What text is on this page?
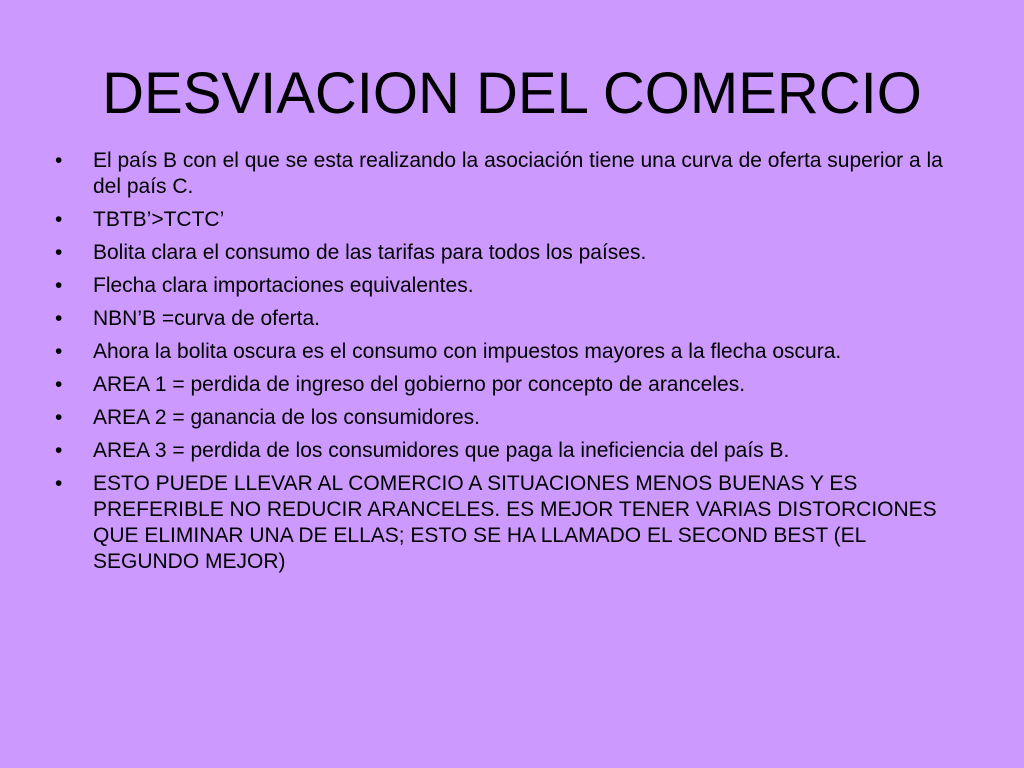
DESVIACION DEL COMERCIO
• El país B con el que se esta realizando la asociación tiene una curva de oferta superior a la del país C.
• TBTB’>TCTC’
• Bolita clara el consumo de las tarifas para todos los países.
• Flecha clara importaciones equivalentes.
• NBN’B =curva de oferta.
• Ahora la bolita oscura es el consumo con impuestos mayores a la flecha oscura.
• AREA 1 = perdida de ingreso del gobierno por concepto de aranceles.
• AREA 2 = ganancia de los consumidores.
• AREA 3 = perdida de los consumidores que paga la ineficiencia del país B.
• ESTO PUEDE LLEVAR AL COMERCIO A SITUACIONES MENOS BUENAS Y ES PREFERIBLE NO REDUCIR ARANCELES. ES MEJOR TENER VARIAS DISTORCIONES QUE ELIMINAR UNA DE ELLAS; ESTO SE HA LLAMADO EL SECOND BEST (EL SEGUNDO MEJOR)
